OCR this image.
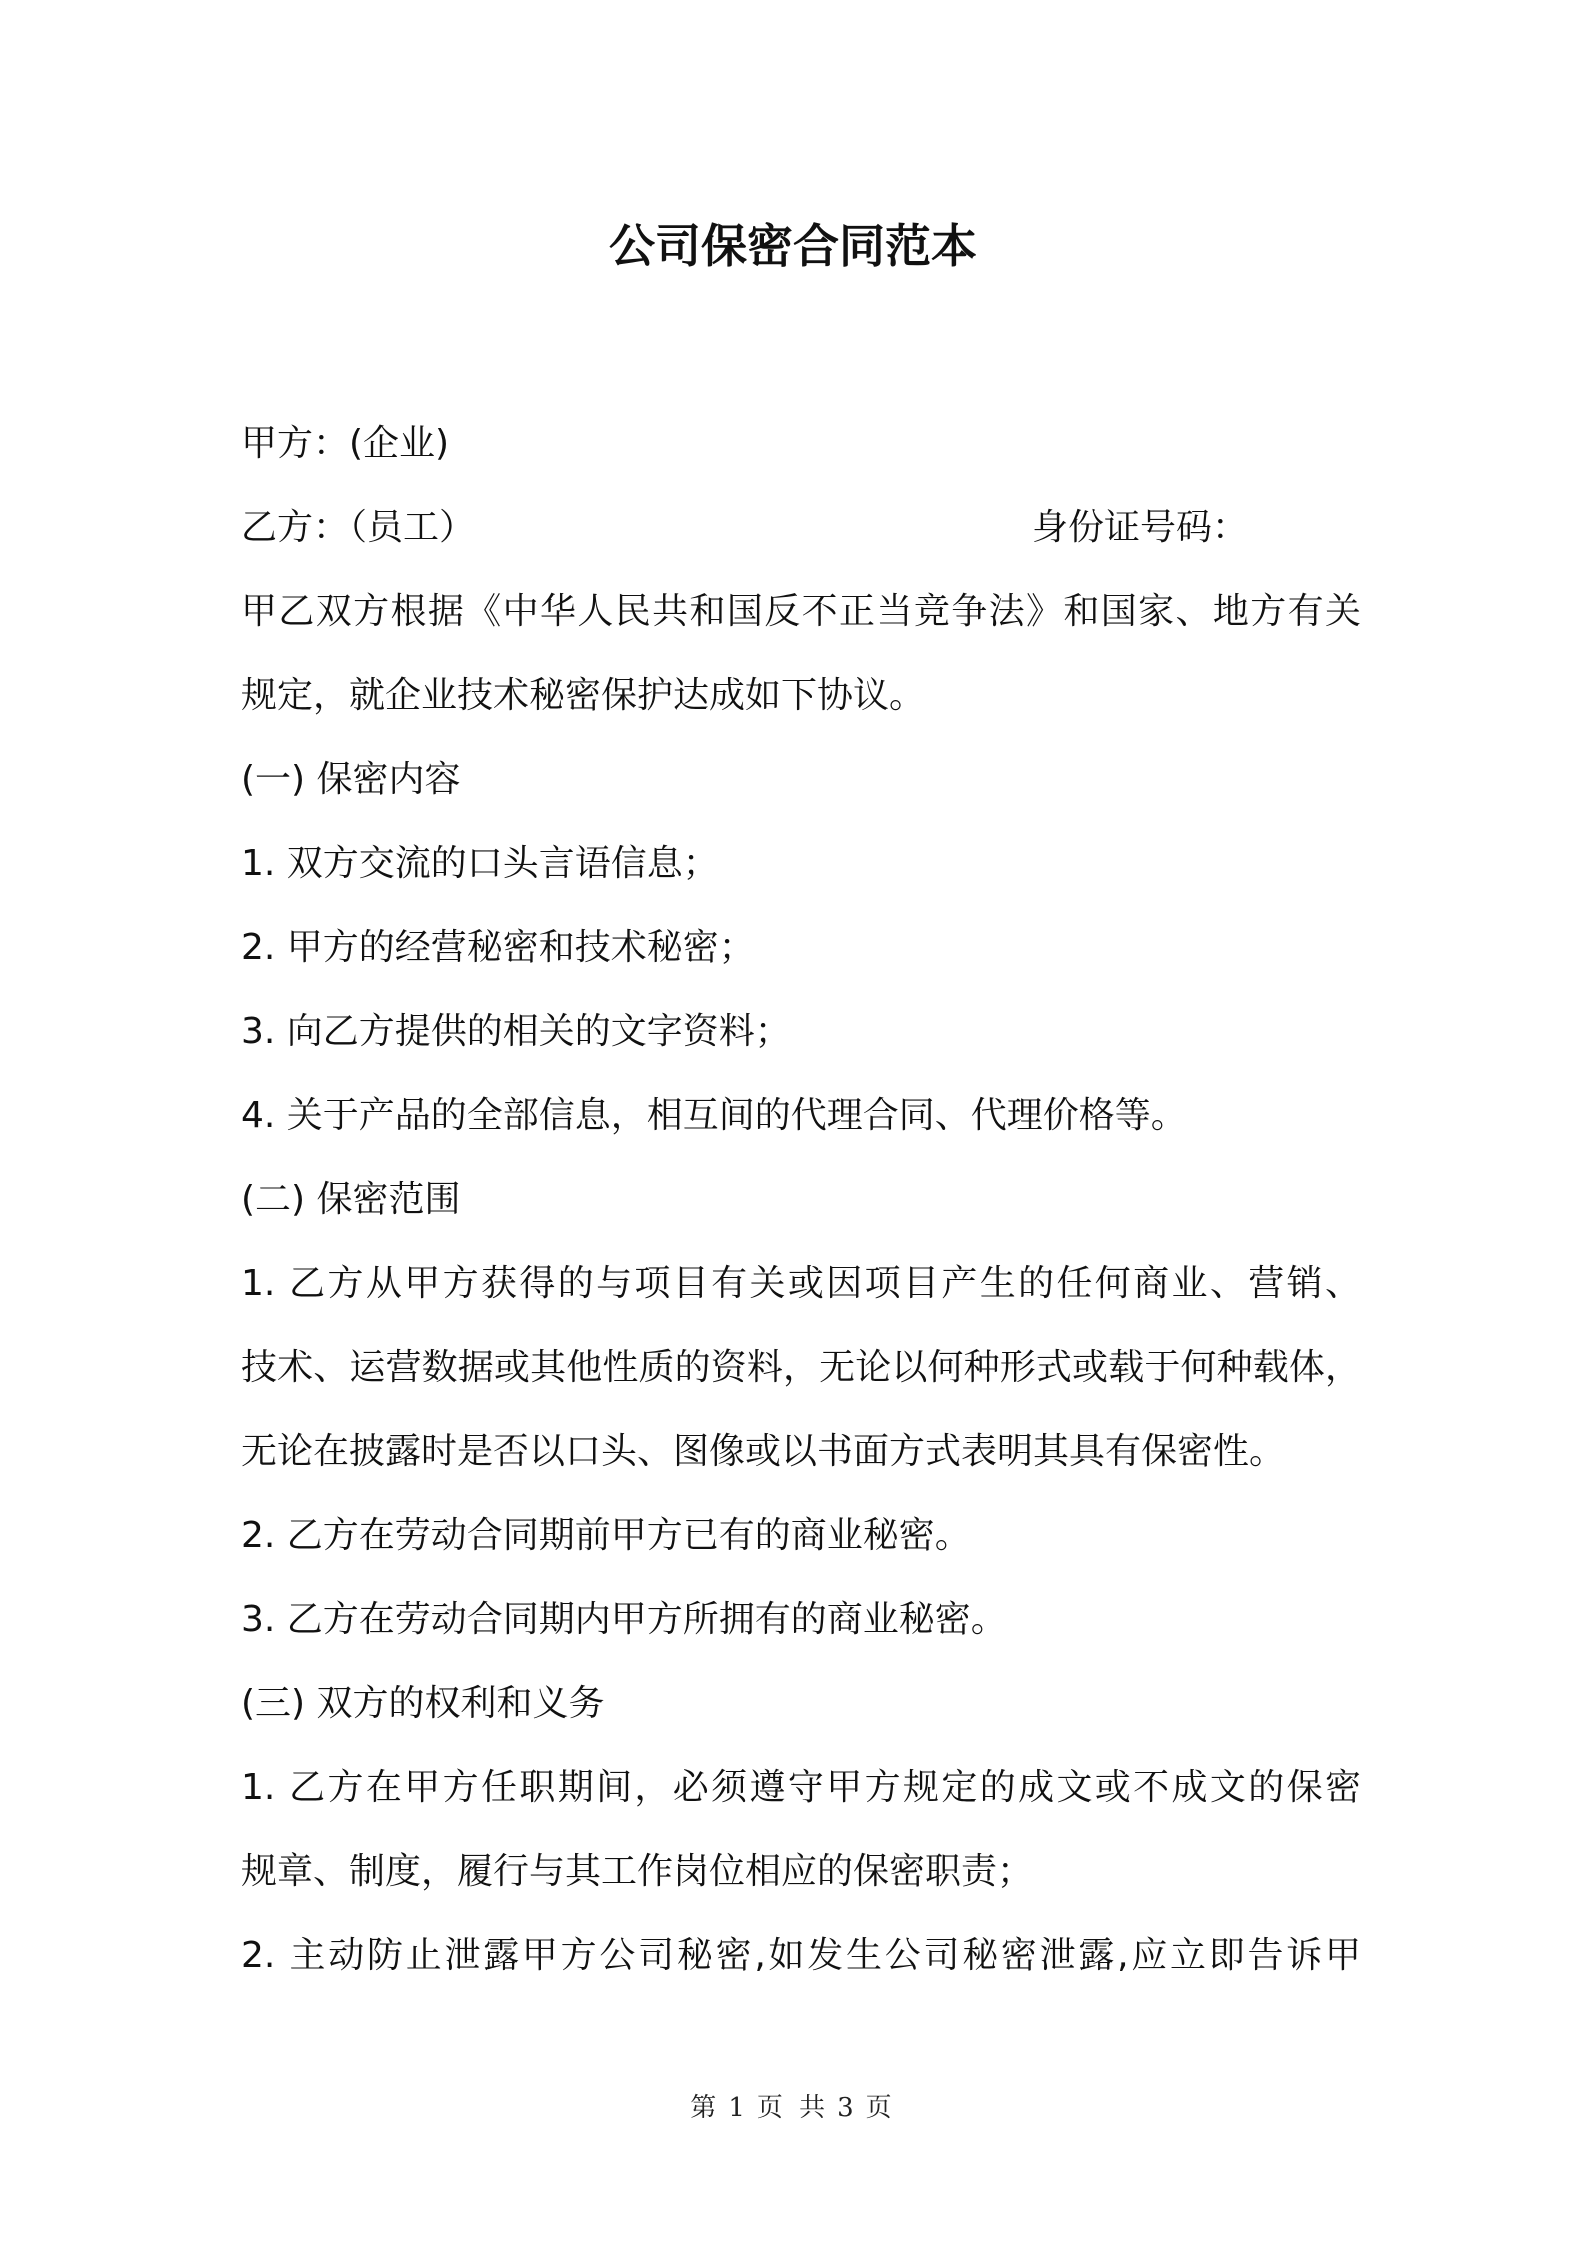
公司保密合同范本
甲方：(企业)
乙方：（员工）	身份证号码：
甲乙双方根据《中华人民共和国反不正当竞争法》和国家、地方有关
规定，就企业技术秘密保护达成如下协议。
(一) 保密内容
1. 双方交流的口头言语信息；
2. 甲方的经营秘密和技术秘密；
3. 向乙方提供的相关的文字资料；
4. 关于产品的全部信息，相互间的代理合同、代理价格等。
(二) 保密范围
1. 乙方从甲方获得的与项目有关或因项目产生的任何商业、营销、
技术、运营数据或其他性质的资料，无论以何种形式或载于何种载体，
无论在披露时是否以口头、图像或以书面方式表明其具有保密性。
2. 乙方在劳动合同期前甲方已有的商业秘密。
3. 乙方在劳动合同期内甲方所拥有的商业秘密。
(三) 双方的权利和义务
1. 乙方在甲方任职期间，必须遵守甲方规定的成文或不成文的保密
规章、制度，履行与其工作岗位相应的保密职责；
2. 主动防止泄露甲方公司秘密,如发生公司秘密泄露,应立即告诉甲
第 1 页 共 3 页
